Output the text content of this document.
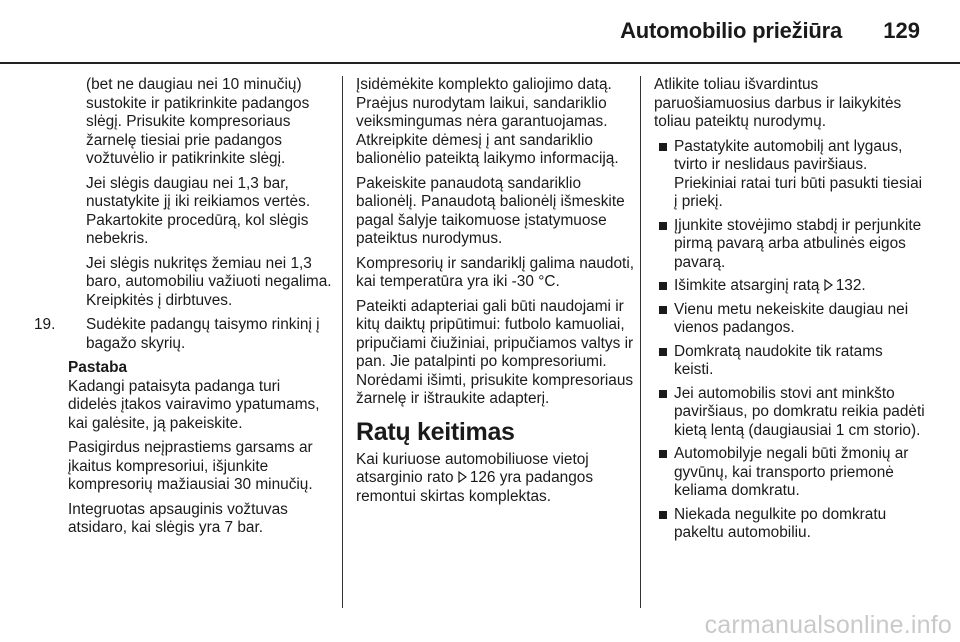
Automobilio priežiūra 129

(bet ne daugiau nei 10 minučių) sustokite ir patikrinkite padangos slėgį. Prisukite kompresoriaus žarnelę tiesiai prie padangos vožtuvėlio ir patikrinkite slėgį.

Jei slėgis daugiau nei 1,3 bar, nustatykite jį iki reikiamos vertės. Pakartokite procedūrą, kol slėgis nebekris.

Jei slėgis nukritęs žemiau nei 1,3 baro, automobiliu važiuoti negalima. Kreipkitės į dirbtuves.

19. Sudėkite padangų taisymo rinkinį į bagažo skyrių.

Pastaba

Kadangi pataisyta padanga turi didelės įtakos vairavimo ypatumams, kai galėsite, ją pakeiskite.

Pasigirdus neįprastiems garsams ar įkaitus kompresoriui, išjunkite kompresorių mažiausiai 30 minučių.

Integruotas apsauginis vožtuvas atsidaro, kai slėgis yra 7 bar.

Įsidėmėkite komplekto galiojimo datą. Praėjus nurodytam laikui, sandariklio veiksmingumas nėra garantuojamas. Atkreipkite dėmesį į ant sandariklio balionėlio pateiktą laikymo informaciją.

Pakeiskite panaudotą sandariklio balionėlį. Panaudotą balionėlį išmeskite pagal šalyje taikomuose įstatymuose pateiktus nurodymus.

Kompresorių ir sandariklį galima naudoti, kai temperatūra yra iki -30 °C.

Pateikti adapteriai gali būti naudojami ir kitų daiktų pripūtimui: futbolo kamuoliai, pripučiami čiužiniai, pripučiamos valtys ir pan. Jie patalpinti po kompresoriumi. Norėdami išimti, prisukite kompresoriaus žarnelę ir ištraukite adapterį.

Ratų keitimas

Kai kuriuose automobiliuose vietoj atsarginio rato 126 yra padangos remontui skirtas komplektas.

Atlikite toliau išvardintus paruošiamuosius darbus ir laikykitės toliau pateiktų nurodymų.

Pastatykite automobilį ant lygaus, tvirto ir neslidaus paviršiaus. Priekiniai ratai turi būti pasukti tiesiai į priekį.
Įjunkite stovėjimo stabdį ir perjunkite pirmą pavarą arba atbulinės eigos pavarą.
Išimkite atsarginį ratą 132.
Vienu metu nekeiskite daugiau nei vienos padangos.
Domkratą naudokite tik ratams keisti.
Jei automobilis stovi ant minkšto paviršiaus, po domkratu reikia padėti kietą lentą (daugiausiai 1 cm storio).
Automobilyje negali būti žmonių ar gyvūnų, kai transporto priemonė keliama domkratu.
Niekada negulkite po domkratu pakeltu automobiliu.
carmanualsonline.info
